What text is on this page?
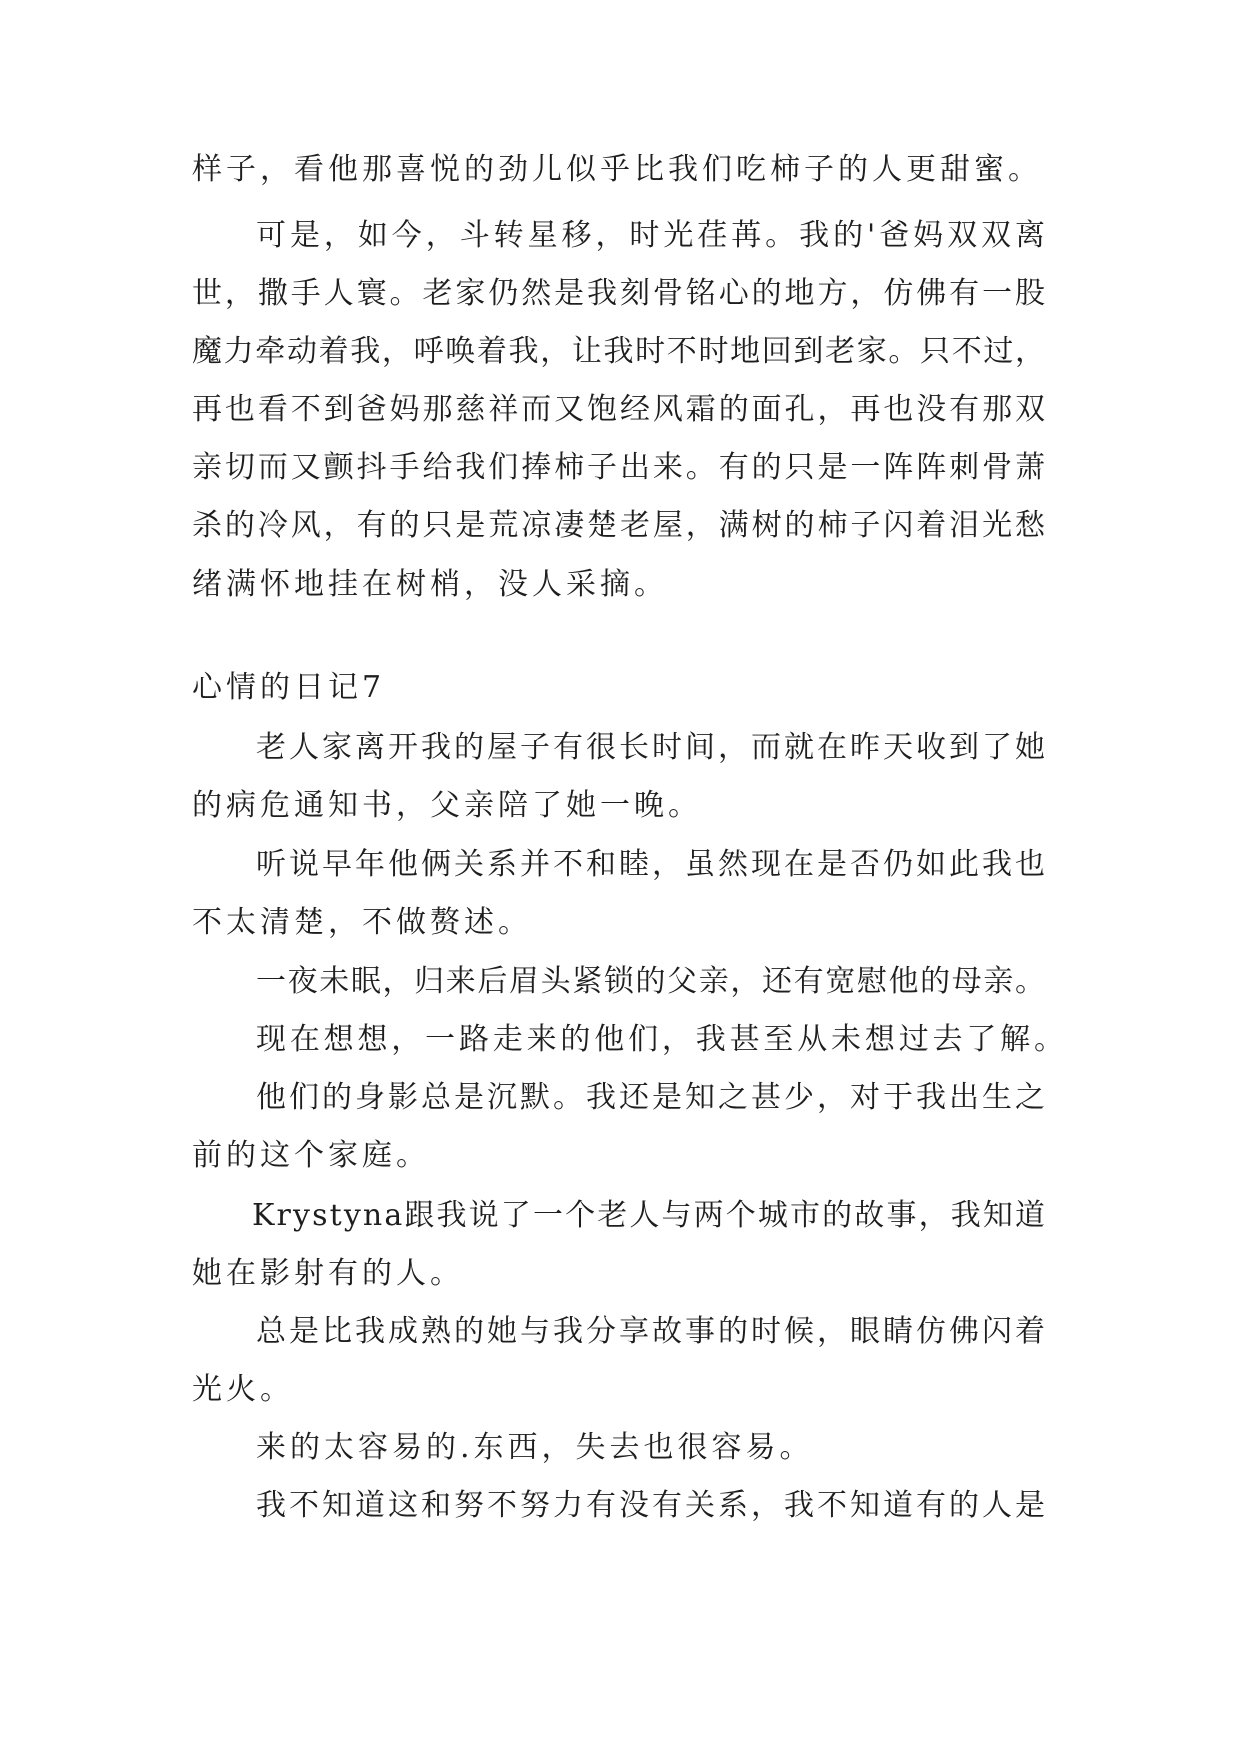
样子，看他那喜悦的劲儿似乎比我们吃柿子的人更甜蜜。
可是，如今，斗转星移，时光荏苒。我的'爸妈双双离
世，撒手人寰。老家仍然是我刻骨铭心的地方，仿佛有一股
魔力牵动着我，呼唤着我，让我时不时地回到老家。只不过，
再也看不到爸妈那慈祥而又饱经风霜的面孔，再也没有那双
亲切而又颤抖手给我们捧柿子出来。有的只是一阵阵刺骨萧
杀的冷风，有的只是荒凉凄楚老屋，满树的柿子闪着泪光愁
绪满怀地挂在树梢，没人采摘。
心情的日记7
老人家离开我的屋子有很长时间，而就在昨天收到了她
的病危通知书，父亲陪了她一晚。
听说早年他俩关系并不和睦，虽然现在是否仍如此我也
不太清楚，不做赘述。
一夜未眠，归来后眉头紧锁的父亲，还有宽慰他的母亲。
现在想想，一路走来的他们，我甚至从未想过去了解。
他们的身影总是沉默。我还是知之甚少，对于我出生之
前的这个家庭。
Krystyna跟我说了一个老人与两个城市的故事，我知道
她在影射有的人。
总是比我成熟的她与我分享故事的时候，眼睛仿佛闪着
光火。
来的太容易的.东西，失去也很容易。
我不知道这和努不努力有没有关系，我不知道有的人是
